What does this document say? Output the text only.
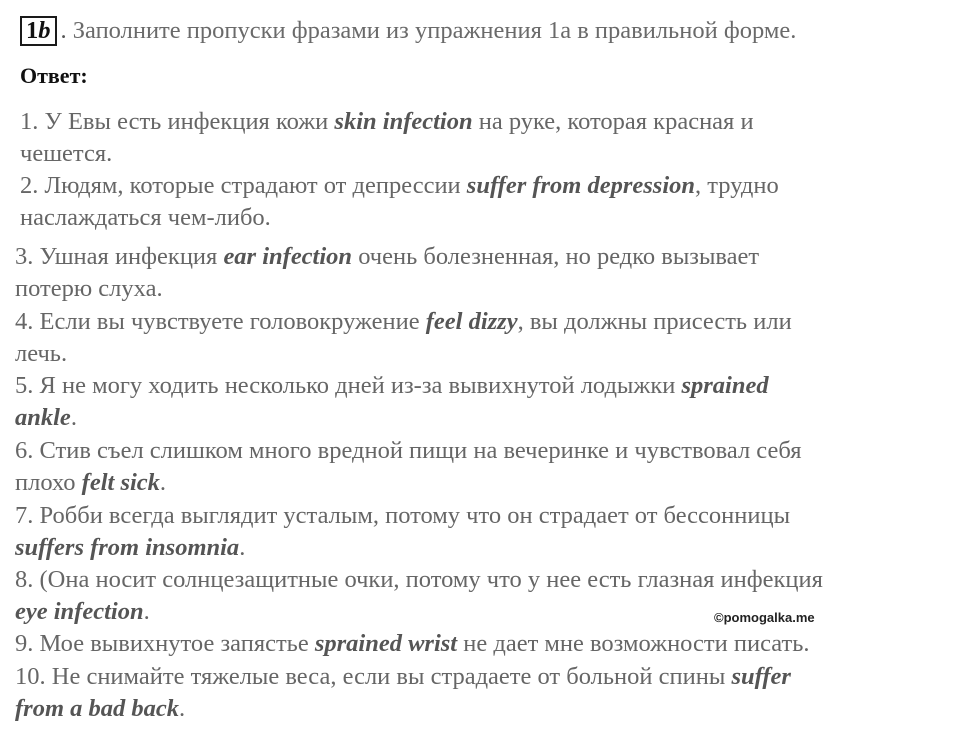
1b . Заполните пропуски фразами из упражнения 1а в правильной форме.
Ответ:
1. У Евы есть инфекция кожи skin infection на руке, которая красная и
чешется.
2. Людям, которые страдают от депрессии suffer from depression, трудно
наслаждаться чем-либо.
3. Ушная инфекция ear infection очень болезненная, но редко вызывает
потерю слуха.
4. Если вы чувствуете головокружение feel dizzy, вы должны присесть или
лечь.
5. Я не могу ходить несколько дней из-за вывихнутой лодыжки sprained
ankle.
6. Стив съел слишком много вредной пищи на вечеринке и чувствовал себя
плохо felt sick.
7. Робби всегда выглядит усталым, потому что он страдает от бессонницы
suffers from insomnia.
8. (Она носит солнцезащитные очки, потому что у нее есть глазная инфекция
eye infection.
9. Мое вывихнутое запястье sprained wrist не дает мне возможности писать.

10. Не снимайте тяжелые веса, если вы страдаете от больной спины suffer
from a bad back.
©pomogalka.me
